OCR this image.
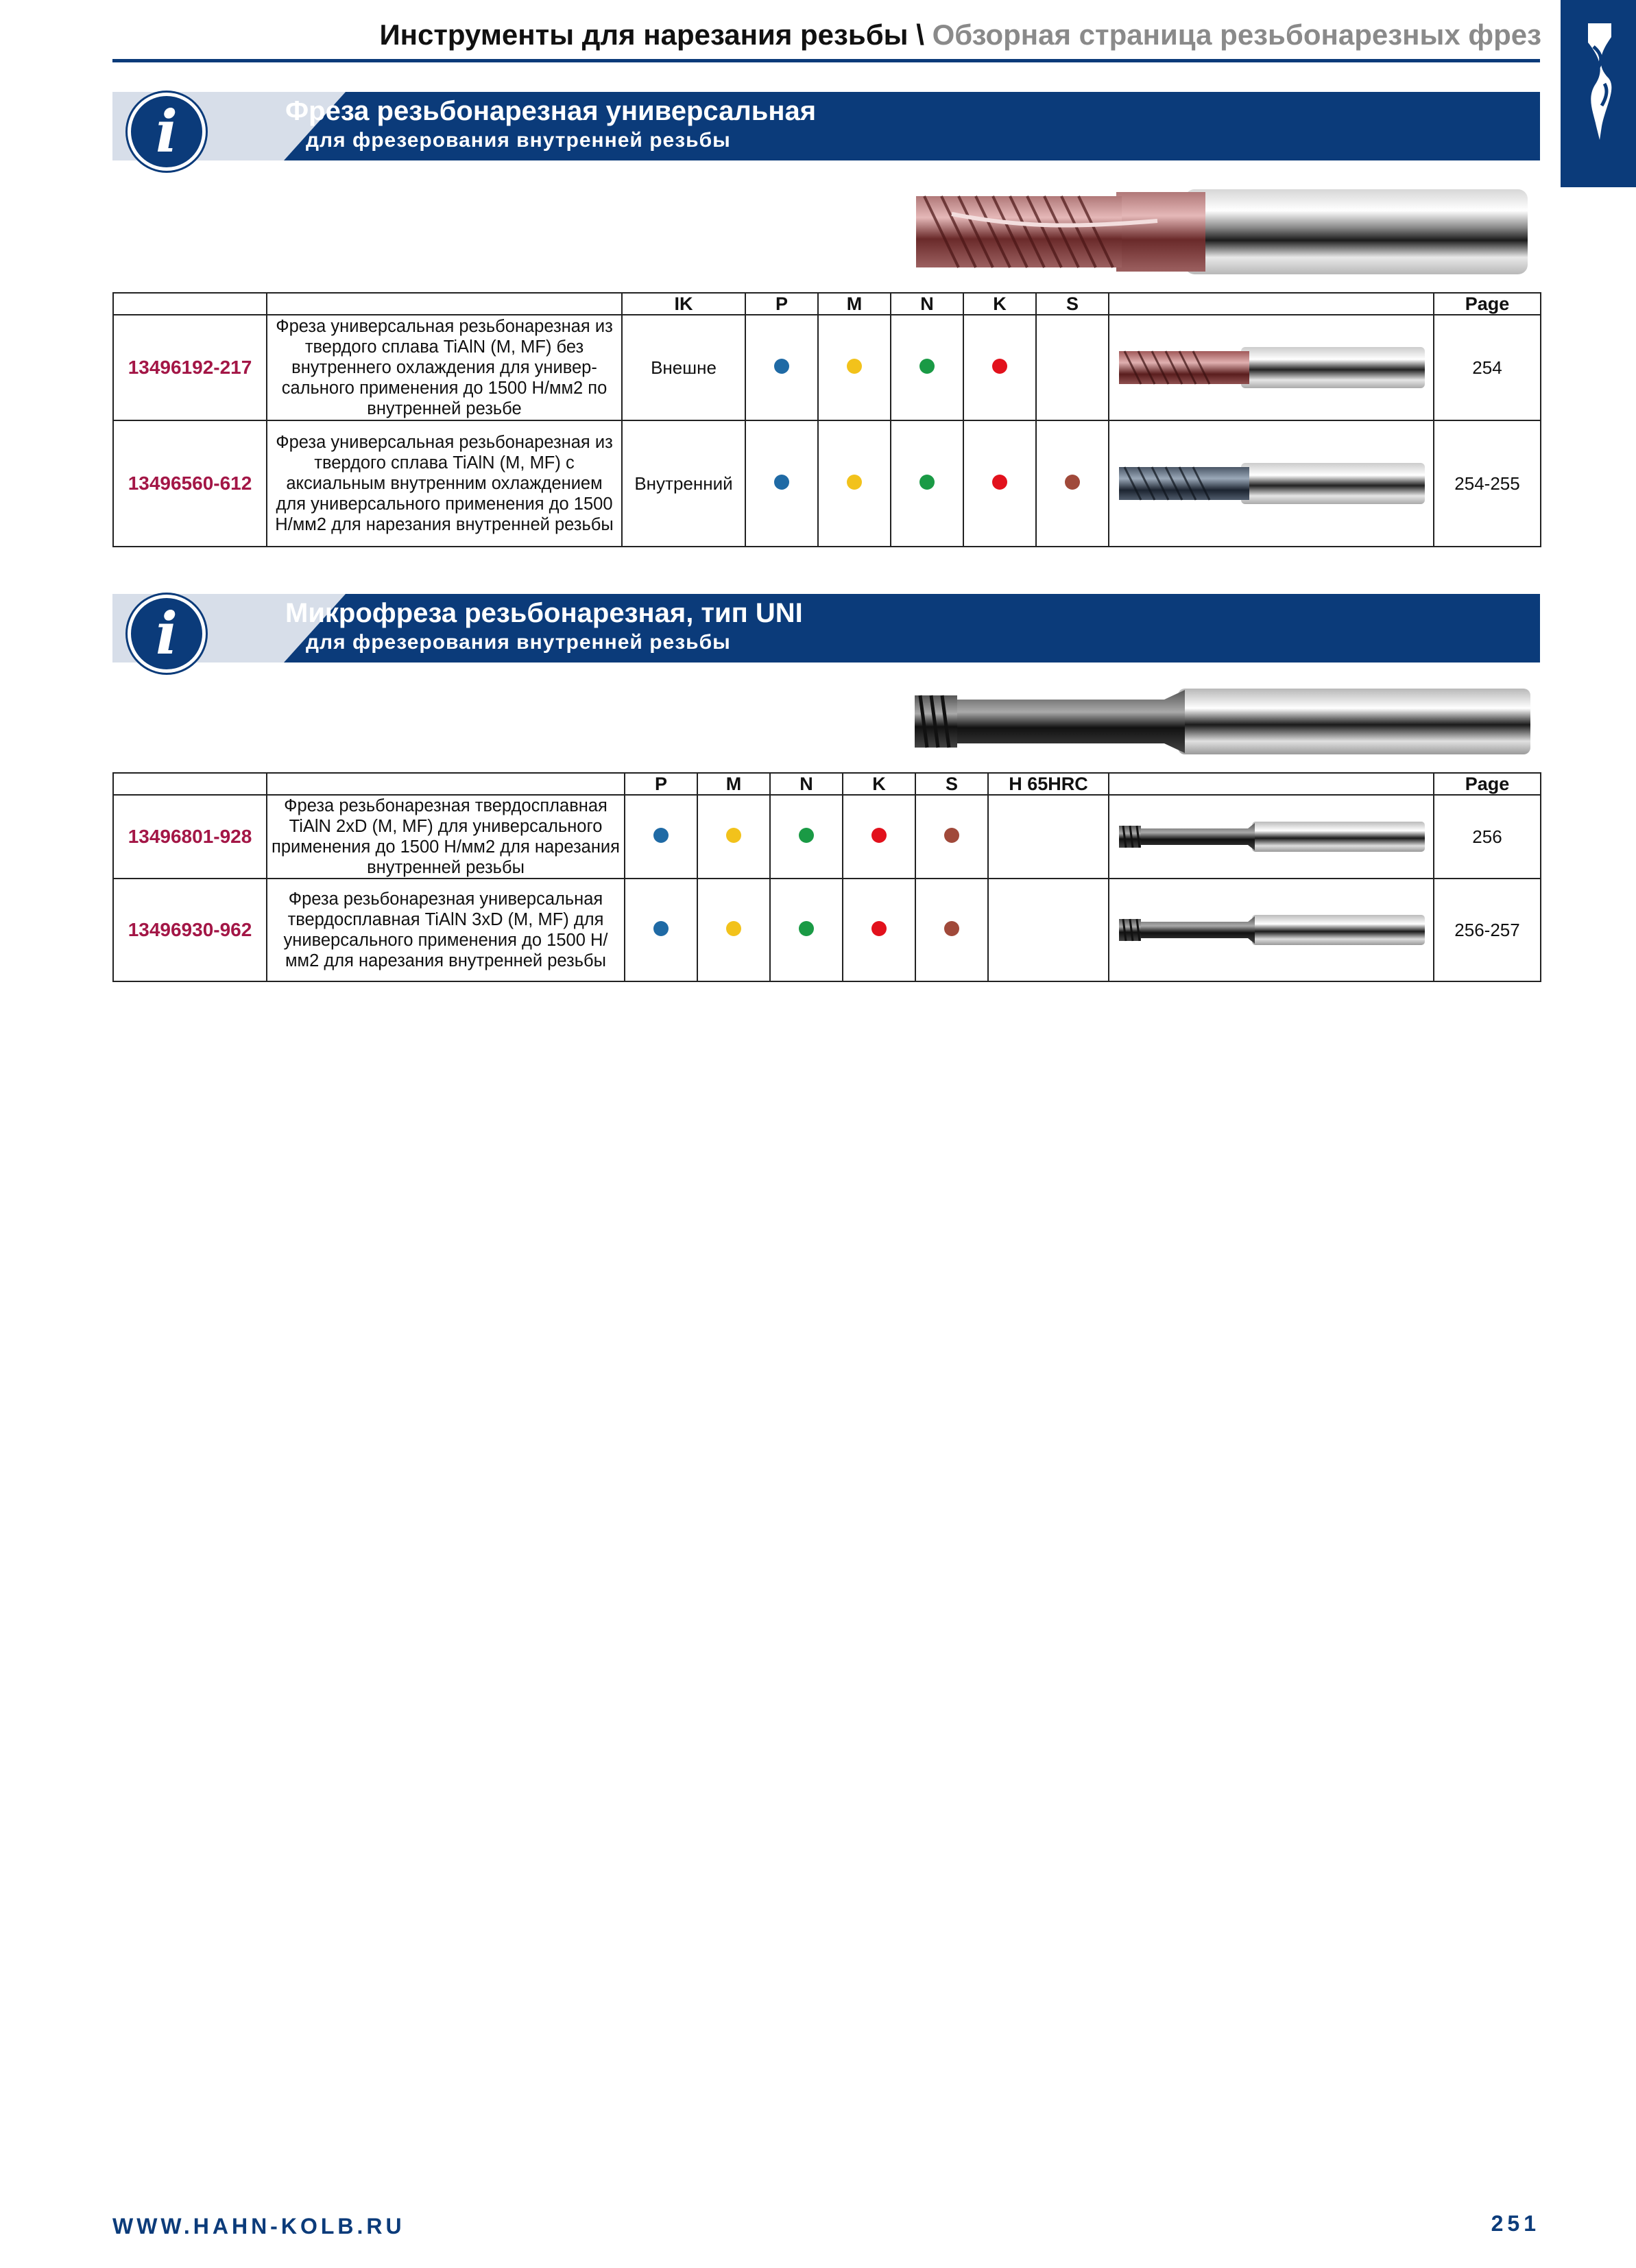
Инструменты для нарезания резьбы \ Обзорная страница резьбонарезных фрез
i	Фреза резьбонарезная универсальная
для фрезерования внутренней резьбы
		IK	P	M	N	K	S		Page
13496192-217	Фреза универсальная резьбонарезная из твердого сплава TiAlN (M, MF) без внутреннего охлаждения для универсального применения до 1500 Н/мм2 по внутренней резьбе	Внешне							254
13496560-612	Фреза универсальная резьбонарезная из твердого сплава TiAlN (M, MF) с аксиальным внутренним охлаждением для универсального применения до 1500 Н/мм2 для нарезания внутренней резьбы	Внутренний							254-255
i	Микрофреза резьбонарезная, тип UNI
для фрезерования внутренней резьбы
		P	M	N	K	S	H 65HRC		Page
13496801-928	Фреза резьбонарезная твердосплавная TiAlN 2xD (M, MF) для универсального применения до 1500 Н/мм2 для нарезания внутренней резьбы								256
13496930-962	Фреза резьбонарезная универсальная твердосплавная TiAlN 3xD (M, MF) для универсального применения до 1500 Н/мм2 для нарезания внутренней резьбы								256-257
WWW.HAHN-KOLB.RU	251
